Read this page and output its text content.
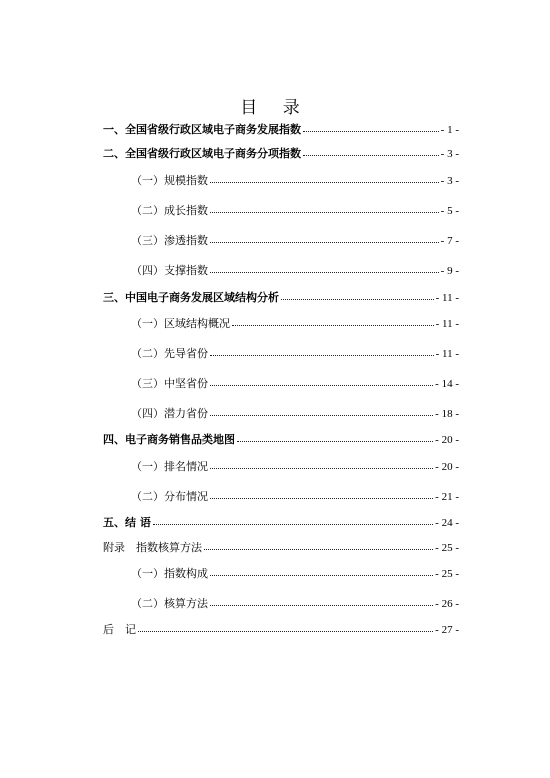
目 录
一、全国省级行政区域电子商务发展指数	- 1 -
二、全国省级行政区域电子商务分项指数	- 3 -
（一）规模指数	- 3 -
（二）成长指数	- 5 -
（三）渗透指数	- 7 -
（四）支撑指数	- 9 -
三、中国电子商务发展区域结构分析	- 11 -
（一）区域结构概况	- 11 -
（二）先导省份	- 11 -
（三）中坚省份	- 14 -
（四）潜力省份	- 18 -
四、电子商务销售品类地图	- 20 -
（一）排名情况	- 20 -
（二）分布情况	- 21 -
五、结 语	- 24 -
附录　指数核算方法	- 25 -
（一）指数构成	- 25 -
（二）核算方法	- 26 -
后　记	- 27 -
